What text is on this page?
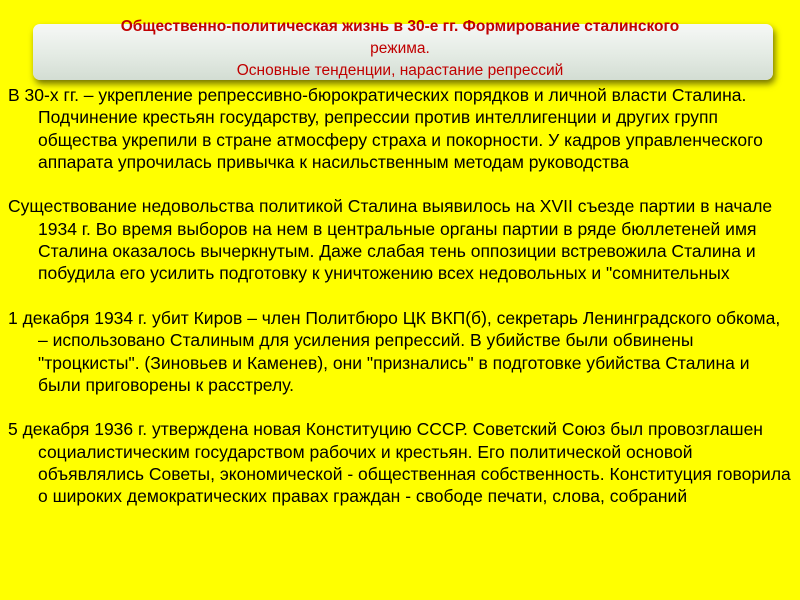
Общественно-политическая жизнь в 30-е гг. Формирование сталинского
режима.
Основные тенденции, нарастание репрессий

В 30-х гг. – укрепление репрессивно-бюрократических порядков и личной власти Сталина. Подчинение крестьян государству, репрессии против интеллигенции и других групп общества укрепили в стране атмосферу страха и покорности. У кадров управленческого аппарата упрочилась привычка к насильственным методам руководства

Существование недовольства политикой Сталина выявилось на XVII съезде партии в начале 1934 г. Во время выборов на нем в центральные органы партии в ряде бюллетеней имя Сталина оказалось вычеркнутым. Даже слабая тень оппозиции встревожила Сталина и побудила его усилить подготовку к уничтожению всех недовольных и "сомнительных

1 декабря 1934 г. убит Киров – член Политбюро ЦК ВКП(б), секретарь Ленинградского обкома, – использовано Сталиным для усиления репрессий. В убийстве были обвинены "троцкисты". (Зиновьев и Каменев), они "признались" в подготовке убийства Сталина и были приговорены к расстрелу.

5 декабря 1936 г. утверждена новая Конституцию СССР. Советский Союз был провозглашен социалистическим государством рабочих и крестьян. Его политической основой объявлялись Советы, экономической - общественная собственность. Конституция говорила о широких демократических правах граждан - свободе печати, слова, собраний
